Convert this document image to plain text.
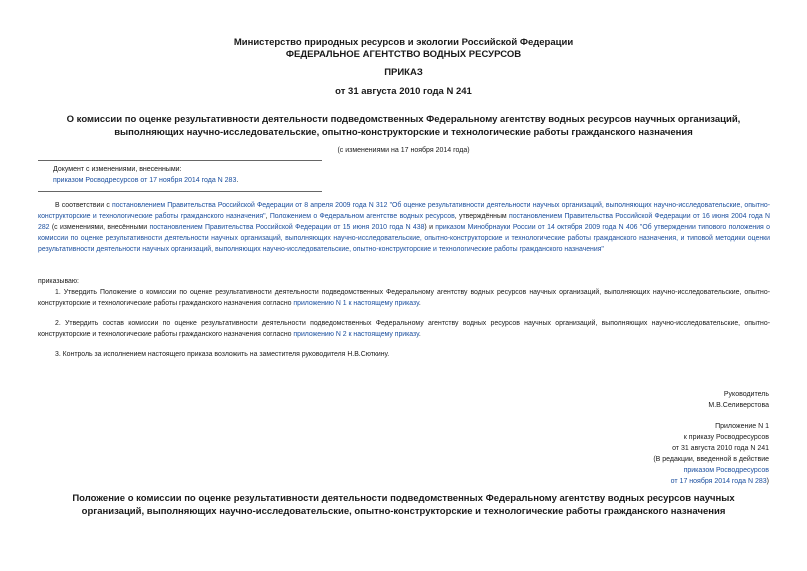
Министерство природных ресурсов и экологии Российской Федерации
ФЕДЕРАЛЬНОЕ АГЕНТСТВО ВОДНЫХ РЕСУРСОВ
ПРИКАЗ
от 31 августа 2010 года N 241
О комиссии по оценке результативности деятельности подведомственных Федеральному агентству водных ресурсов научных организаций, выполняющих научно-исследовательские, опытно-конструкторские и технологические работы гражданского назначения
(с изменениями на 17 ноября 2014 года)
Документ с изменениями, внесенными:
приказом Росводресурсов от 17 ноября 2014 года N 283.
В соответствии с постановлением Правительства Российской Федерации от 8 апреля 2009 года N 312 "Об оценке результативности деятельности научных организаций, выполняющих научно-исследовательские, опытно-конструкторские и технологические работы гражданского назначения", Положением о Федеральном агентстве водных ресурсов, утверждённым постановлением Правительства Российской Федерации от 16 июня 2004 года N 282 (с изменениями, внесёнными постановлением Правительства Российской Федерации от 15 июня 2010 года N 438) и приказом Минобрнауки России от 14 октября 2009 года N 406 "Об утверждении типового положения о комиссии по оценке результативности деятельности научных организаций, выполняющих научно-исследовательские, опытно-конструкторские и технологические работы гражданского назначения, и типовой методики оценки результативности деятельности научных организаций, выполняющих научно-исследовательские, опытно-конструкторские и технологические работы гражданского назначения"
приказываю:
1. Утвердить Положение о комиссии по оценке результативности деятельности подведомственных Федеральному агентству водных ресурсов научных организаций, выполняющих научно-исследовательские, опытно-конструкторские и технологические работы гражданского назначения согласно приложению N 1 к настоящему приказу.
2. Утвердить состав комиссии по оценке результативности деятельности подведомственных Федеральному агентству водных ресурсов научных организаций, выполняющих научно-исследовательские, опытно-конструкторские и технологические работы гражданского назначения согласно приложению N 2 к настоящему приказу.
3. Контроль за исполнением настоящего приказа возложить на заместителя руководителя Н.В.Сюткину.
Руководитель
М.В.Селиверстова
Приложение N 1
к приказу Росводресурсов
от 31 августа 2010 года N 241
(В редакции, введенной в действие
приказом Росводресурсов
от 17 ноября 2014 года N 283)
Положение о комиссии по оценке результативности деятельности подведомственных Федеральному агентству водных ресурсов научных организаций, выполняющих научно-исследовательские, опытно-конструкторские и технологические работы гражданского назначения
